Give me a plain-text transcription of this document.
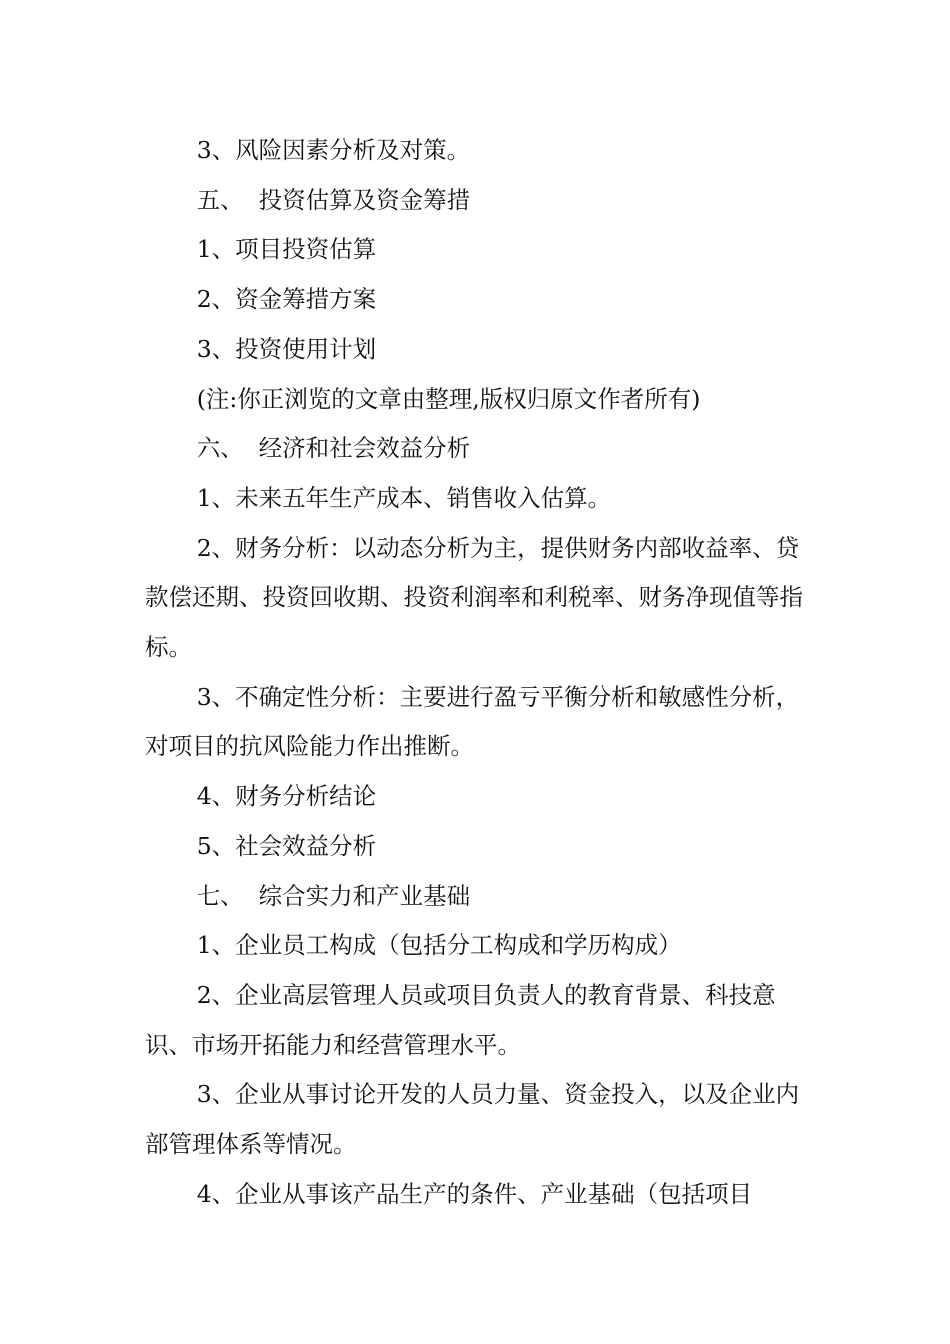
3、风险因素分析及对策。

五、  投资估算及资金筹措

1、项目投资估算

2、资金筹措方案

3、投资使用计划

(注:你正浏览的文章由整理,版权归原文作者所有)

六、  经济和社会效益分析

1、未来五年生产成本、销售收入估算。

2、财务分析：以动态分析为主，提供财务内部收益率、贷款偿还期、投资回收期、投资利润率和利税率、财务净现值等指标。

3、不确定性分析：主要进行盈亏平衡分析和敏感性分析，对项目的抗风险能力作出推断。

4、财务分析结论

5、社会效益分析

七、  综合实力和产业基础

1、企业员工构成（包括分工构成和学历构成）

2、企业高层管理人员或项目负责人的教育背景、科技意识、市场开拓能力和经营管理水平。

3、企业从事讨论开发的人员力量、资金投入，以及企业内部管理体系等情况。

4、企业从事该产品生产的条件、产业基础（包括项目
